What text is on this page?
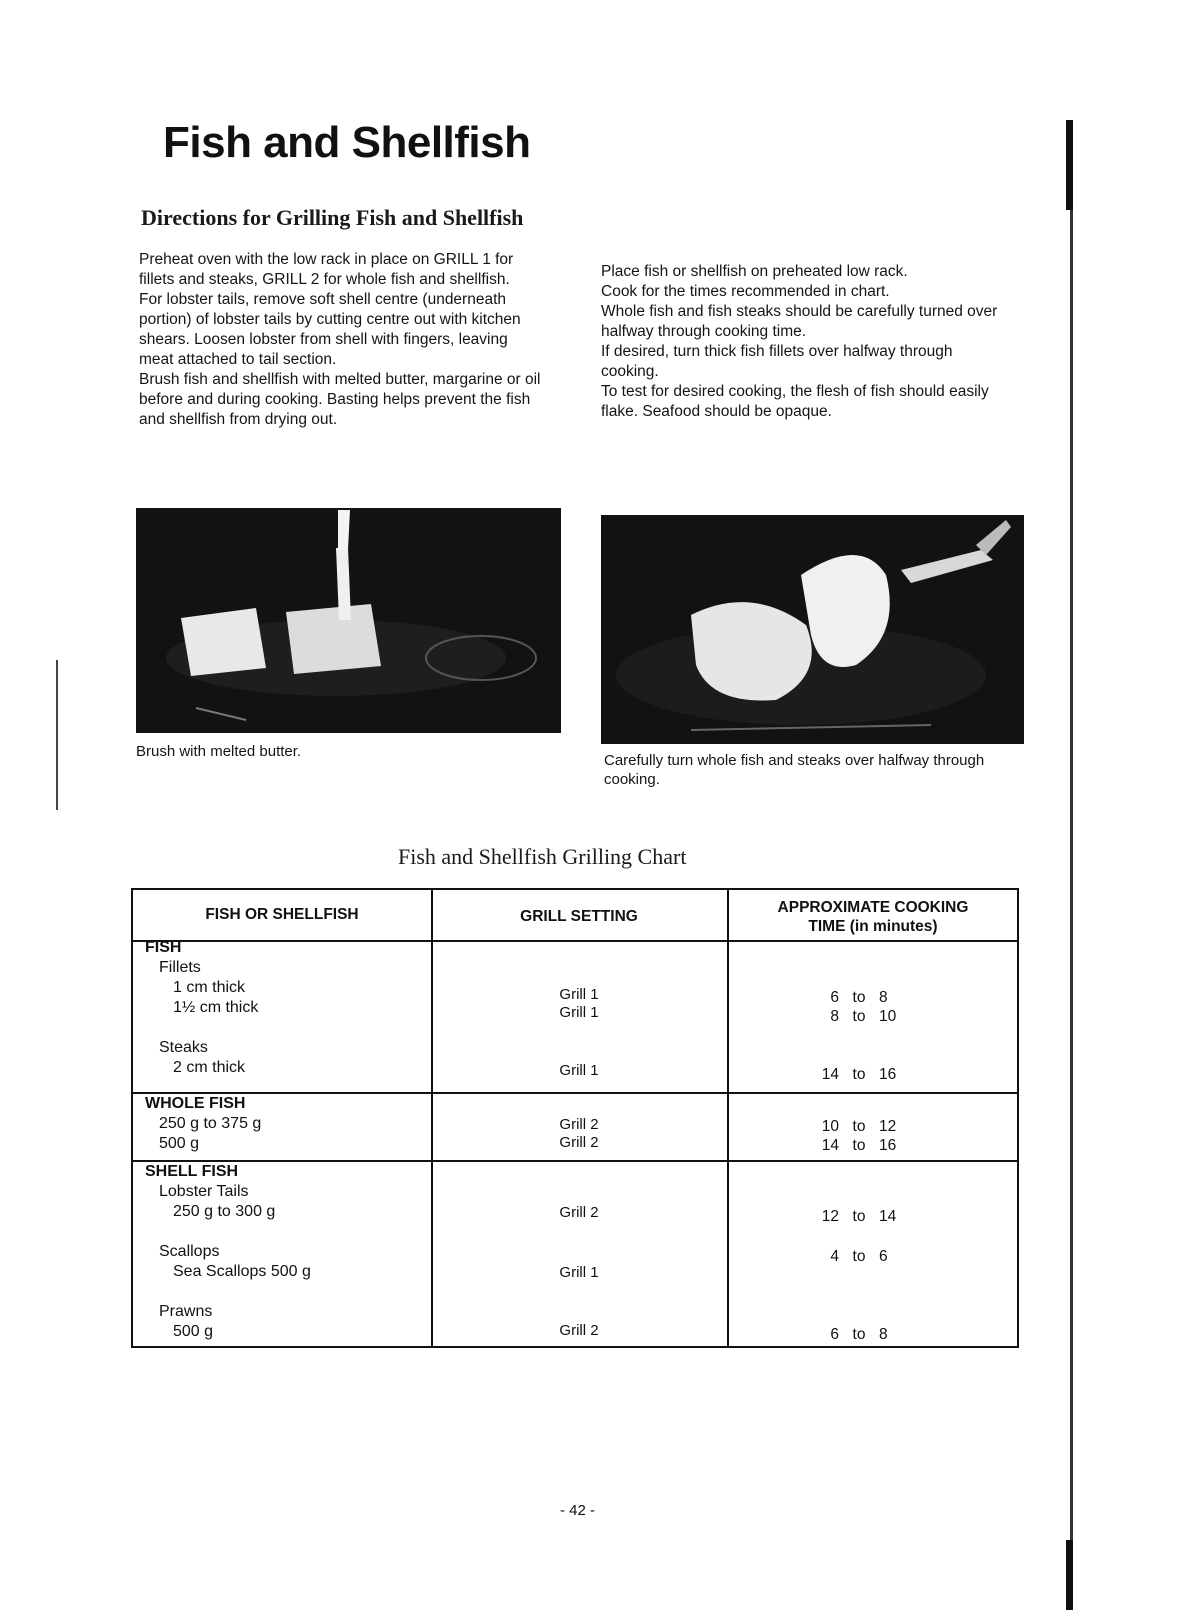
Fish and Shellfish
Directions for Grilling Fish and Shellfish

Preheat oven with the low rack in place on GRILL 1 for fillets and steaks, GRILL 2 for whole fish and shellfish.

For lobster tails, remove soft shell centre (underneath portion) of lobster tails by cutting centre out with kitchen shears. Loosen lobster from shell with fingers, leaving meat attached to tail section.

Brush fish and shellfish with melted butter, margarine or oil before and during cooking. Basting helps prevent the fish and shellfish from drying out.

Place fish or shellfish on preheated low rack.

Cook for the times recommended in chart.

Whole fish and fish steaks should be carefully turned over halfway through cooking time.

If desired, turn thick fish fillets over halfway through cooking.

To test for desired cooking, the flesh of fish should easily flake. Seafood should be opaque.

Brush with melted butter.
Carefully turn whole fish and steaks over halfway through cooking.
Fish and Shellfish Grilling Chart
FISH OR SHELLFISH	GRILL SETTING
APPROXIMATE COOKING
TIME (in minutes)
FISH
Fillets
1 cm thick
1½ cm thick
Steaks
2 cm thick
Grill 1
Grill 1
Grill 1
6 to 8
8 to 10
14 to 16
WHOLE FISH
250 g to 375 g
500 g
Grill 2
Grill 2
10 to 12
14 to 16
SHELL FISH
Lobster Tails
250 g to 300 g
Scallops
Sea Scallops 500 g
Prawns
500 g
Grill 2
Grill 1
Grill 2
12 to 14
4 to 6
6 to 8
- 42 -
